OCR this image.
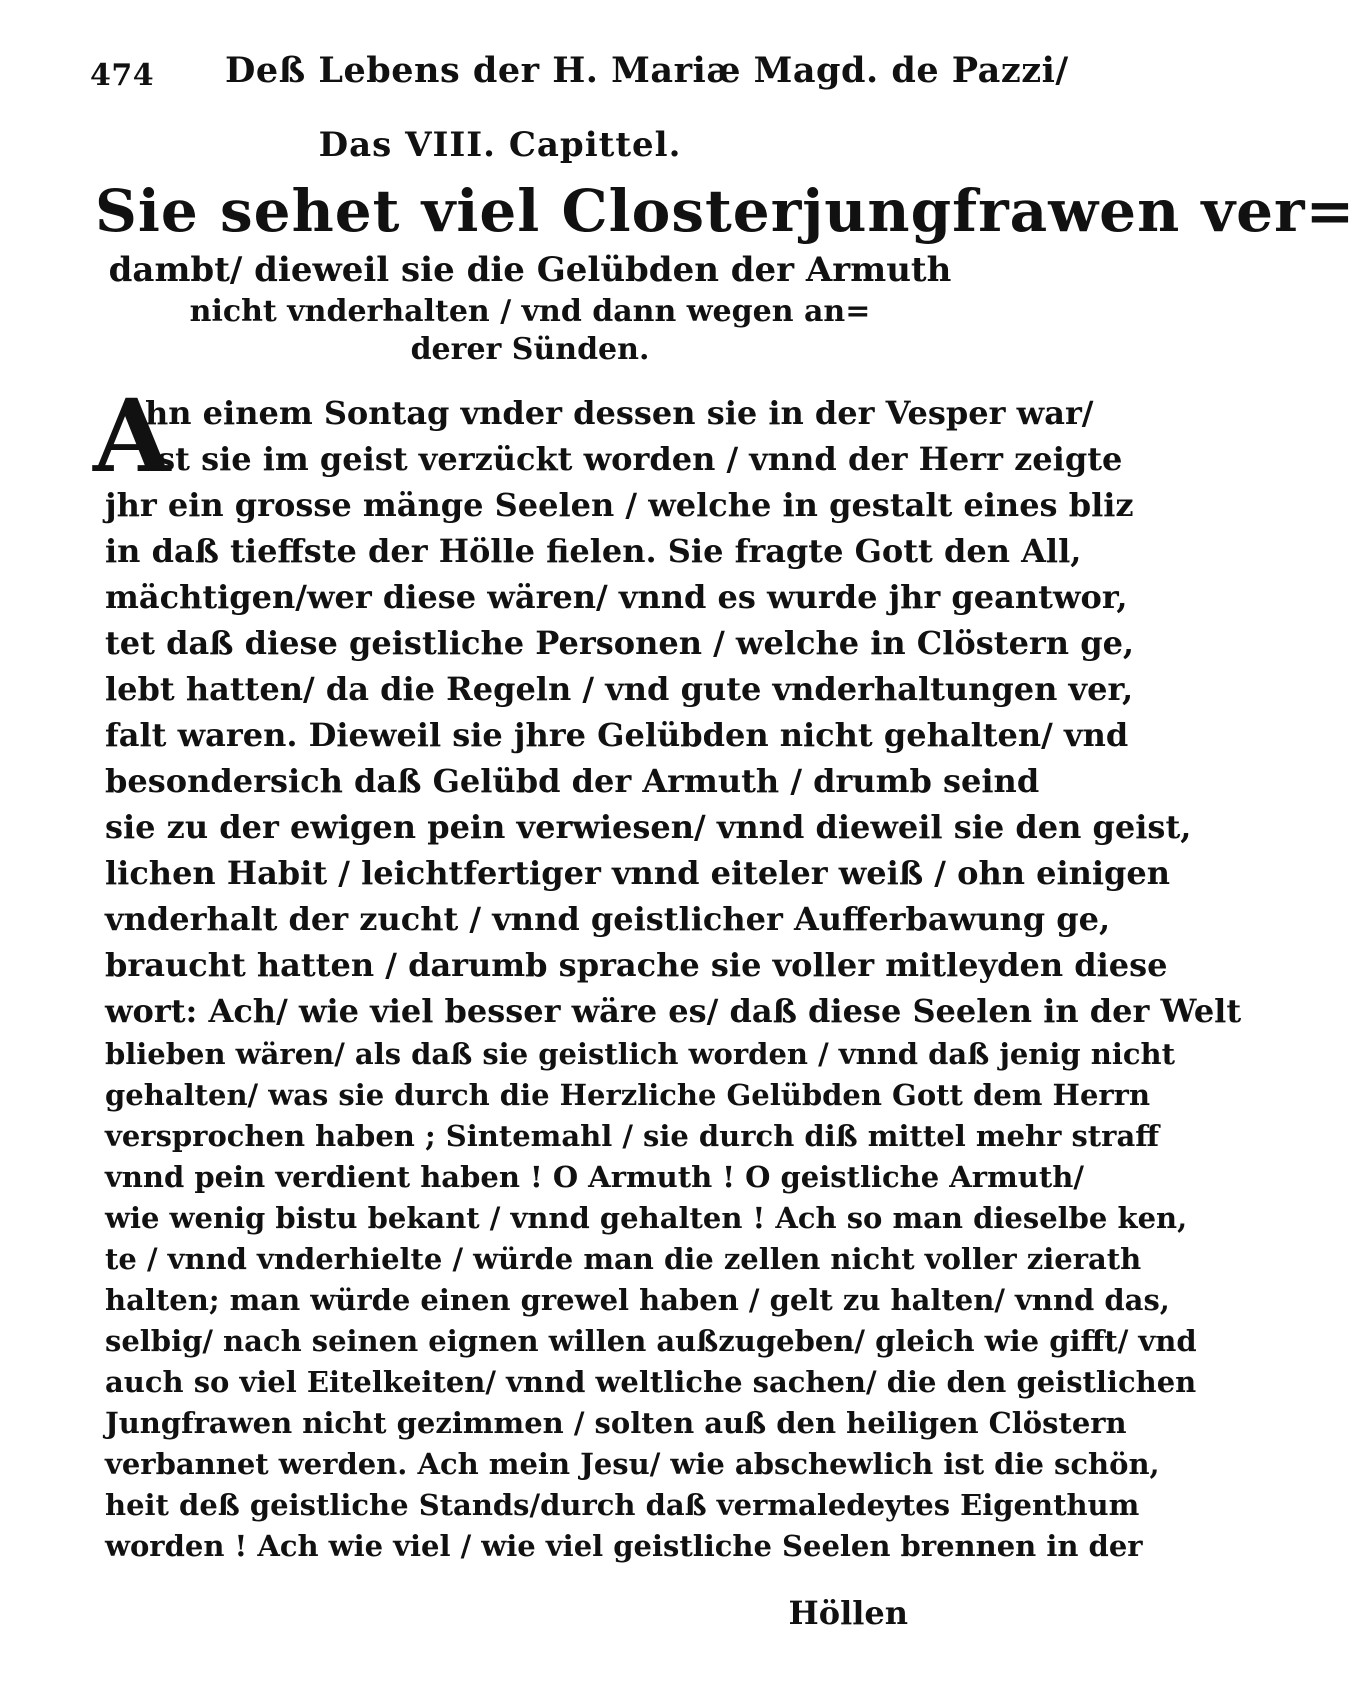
474 Deß Lebens der H. Mariæ Magd. de Pazzi/
Das VIII. Capittel.
Sie sehet viel Closterjungfrawen ver=
dambt/ dieweil sie die Gelübden der Armuth
nicht vnderhalten / vnd dann wegen an=
derer Sünden.
A
hn einem Sontag vnder dessen sie in der Vesper war/
ist sie im geist verzückt worden / vnnd der Herr zeigte
jhr ein grosse mänge Seelen / welche in gestalt eines bliz
in daß tieffste der Hölle fielen. Sie fragte Gott den All,
mächtigen/wer diese wären/ vnnd es wurde jhr geantwor,
tet daß diese geistliche Personen / welche in Clöstern ge,
lebt hatten/ da die Regeln / vnd gute vnderhaltungen ver,
falt waren. Dieweil sie jhre Gelübden nicht gehalten/ vnd
besondersich daß Gelübd der Armuth / drumb seind
sie zu der ewigen pein verwiesen/ vnnd dieweil sie den geist,
lichen Habit / leichtfertiger vnnd eiteler weiß / ohn einigen
vnderhalt der zucht / vnnd geistlicher Aufferbawung ge,
braucht hatten / darumb sprache sie voller mitleyden diese
wort: Ach/ wie viel besser wäre es/ daß diese Seelen in der Welt
blieben wären/ als daß sie geistlich worden / vnnd daß jenig nicht
gehalten/ was sie durch die Herzliche Gelübden Gott dem Herrn
versprochen haben ; Sintemahl / sie durch diß mittel mehr straff
vnnd pein verdient haben ! O Armuth ! O geistliche Armuth/
wie wenig bistu bekant / vnnd gehalten ! Ach so man dieselbe ken,
te / vnnd vnderhielte / würde man die zellen nicht voller zierath
halten; man würde einen grewel haben / gelt zu halten/ vnnd das,
selbig/ nach seinen eignen willen außzugeben/ gleich wie gifft/ vnd
auch so viel Eitelkeiten/ vnnd weltliche sachen/ die den geistlichen
Jungfrawen nicht gezimmen / solten auß den heiligen Clöstern
verbannet werden. Ach mein Jesu/ wie abschewlich ist die schön,
heit deß geistliche Stands/durch daß vermaledeytes Eigenthum
worden ! Ach wie viel / wie viel geistliche Seelen brennen in der
Höllen
